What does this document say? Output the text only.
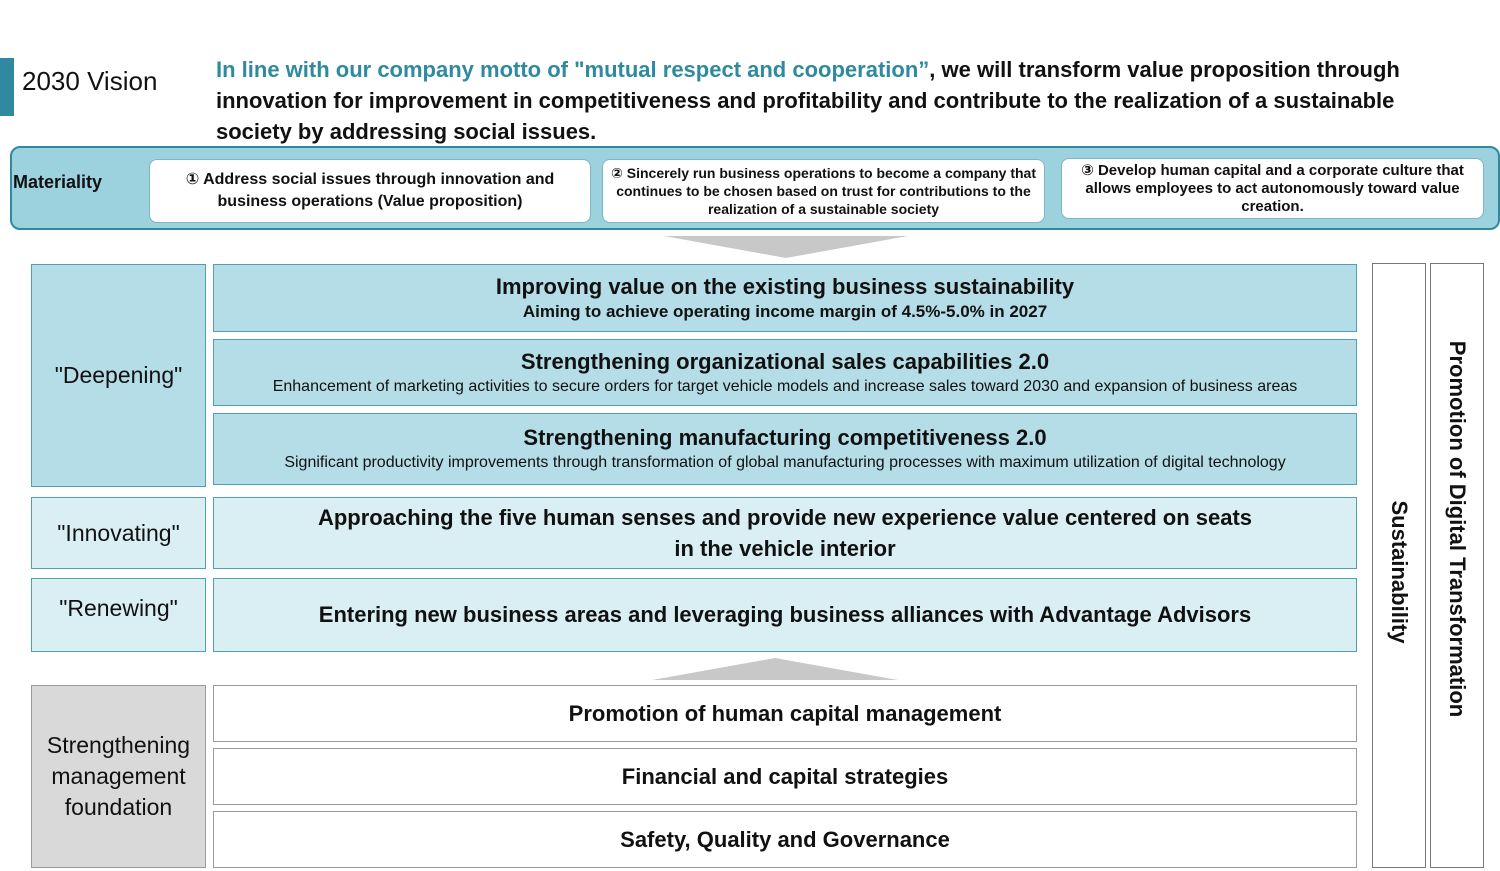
2030 Vision	In line with our company motto of "mutual respect and cooperation”, we will transform value proposition through innovation for improvement in competitiveness and profitability and contribute to the realization of a sustainable society by addressing social issues.
Materiality	① Address social issues through innovation and business operations (Value proposition)
② Sincerely run business operations to become a company that continues to be chosen based on trust for contributions to the realization of a sustainable society
③ Develop human capital and a corporate culture that allows employees to act autonomously toward value creation.
"Deepening"
"Innovating"
"Renewing"
Improving value on the existing business sustainability
Aiming to achieve operating income margin of 4.5%-5.0% in 2027
Strengthening organizational sales capabilities 2.0
Enhancement of marketing activities to secure orders for target vehicle models and increase sales toward 2030 and expansion of business areas
Strengthening manufacturing competitiveness 2.0
Significant productivity improvements through transformation of global manufacturing processes with maximum utilization of digital technology
Approaching the five human senses and provide new experience value centered on seats
in the vehicle interior
Entering new business areas and leveraging business alliances with Advantage Advisors
Strengthening management foundation
Promotion of human capital management
Financial and capital strategies
Safety, Quality and Governance
Sustainability Promotion of Digital Transformation
